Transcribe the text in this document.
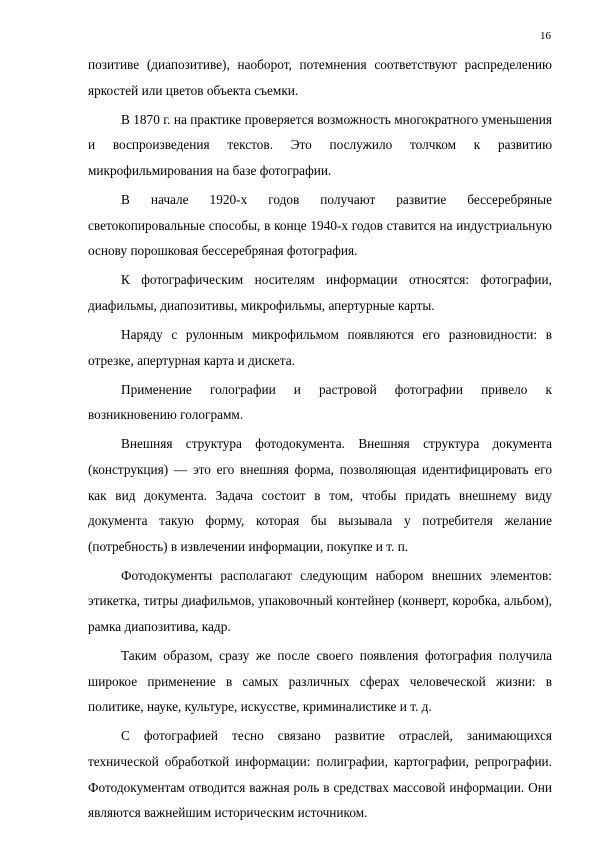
16

позитиве (диапозитиве), наоборот, потемнения соответствуют распределению яркостей или цветов объекта съемки.

В 1870 г. на практике проверяется возможность многократного уменьшения и воспроизведения текстов. Это послужило толчком к развитию микрофильмирования на базе фотографии.

В начале 1920-х годов получают развитие бессеребряные светокопировальные способы, в конце 1940-х годов ставится на индустриальную основу порошковая бессеребряная фотография.

К фотографическим носителям информации относятся: фотографии, диафильмы, диапозитивы, микрофильмы, апертурные карты.

Наряду с рулонным микрофильмом появляются его разновидности: в отрезке, апертурная карта и дискета.

Применение голографии и растровой фотографии привело к возникновению голограмм.

Внешняя структура фотодокумента. Внешняя структура документа (конструкция) — это его внешняя форма, позволяющая идентифицировать его как вид документа. Задача состоит в том, чтобы придать внешнему виду документа такую форму, которая бы вызывала у потребителя желание (потребность) в извлечении информации, покупке и т. п.

Фотодокументы располагают следующим набором внешних элементов: этикетка, титры диафильмов, упаковочный контейнер (конверт, коробка, альбом), рамка диапозитива, кадр.

Таким образом, сразу же после своего появления фотография получила широкое применение в самых различных сферах человеческой жизни: в политике, науке, культуре, искусстве, криминалистике и т. д.

С фотографией тесно связано развитие отраслей, занимающихся технической обработкой информации: полиграфии, картографии, репрографии. Фотодокументам отводится важная роль в средствах массовой информации. Они являются важнейшим историческим источником.
